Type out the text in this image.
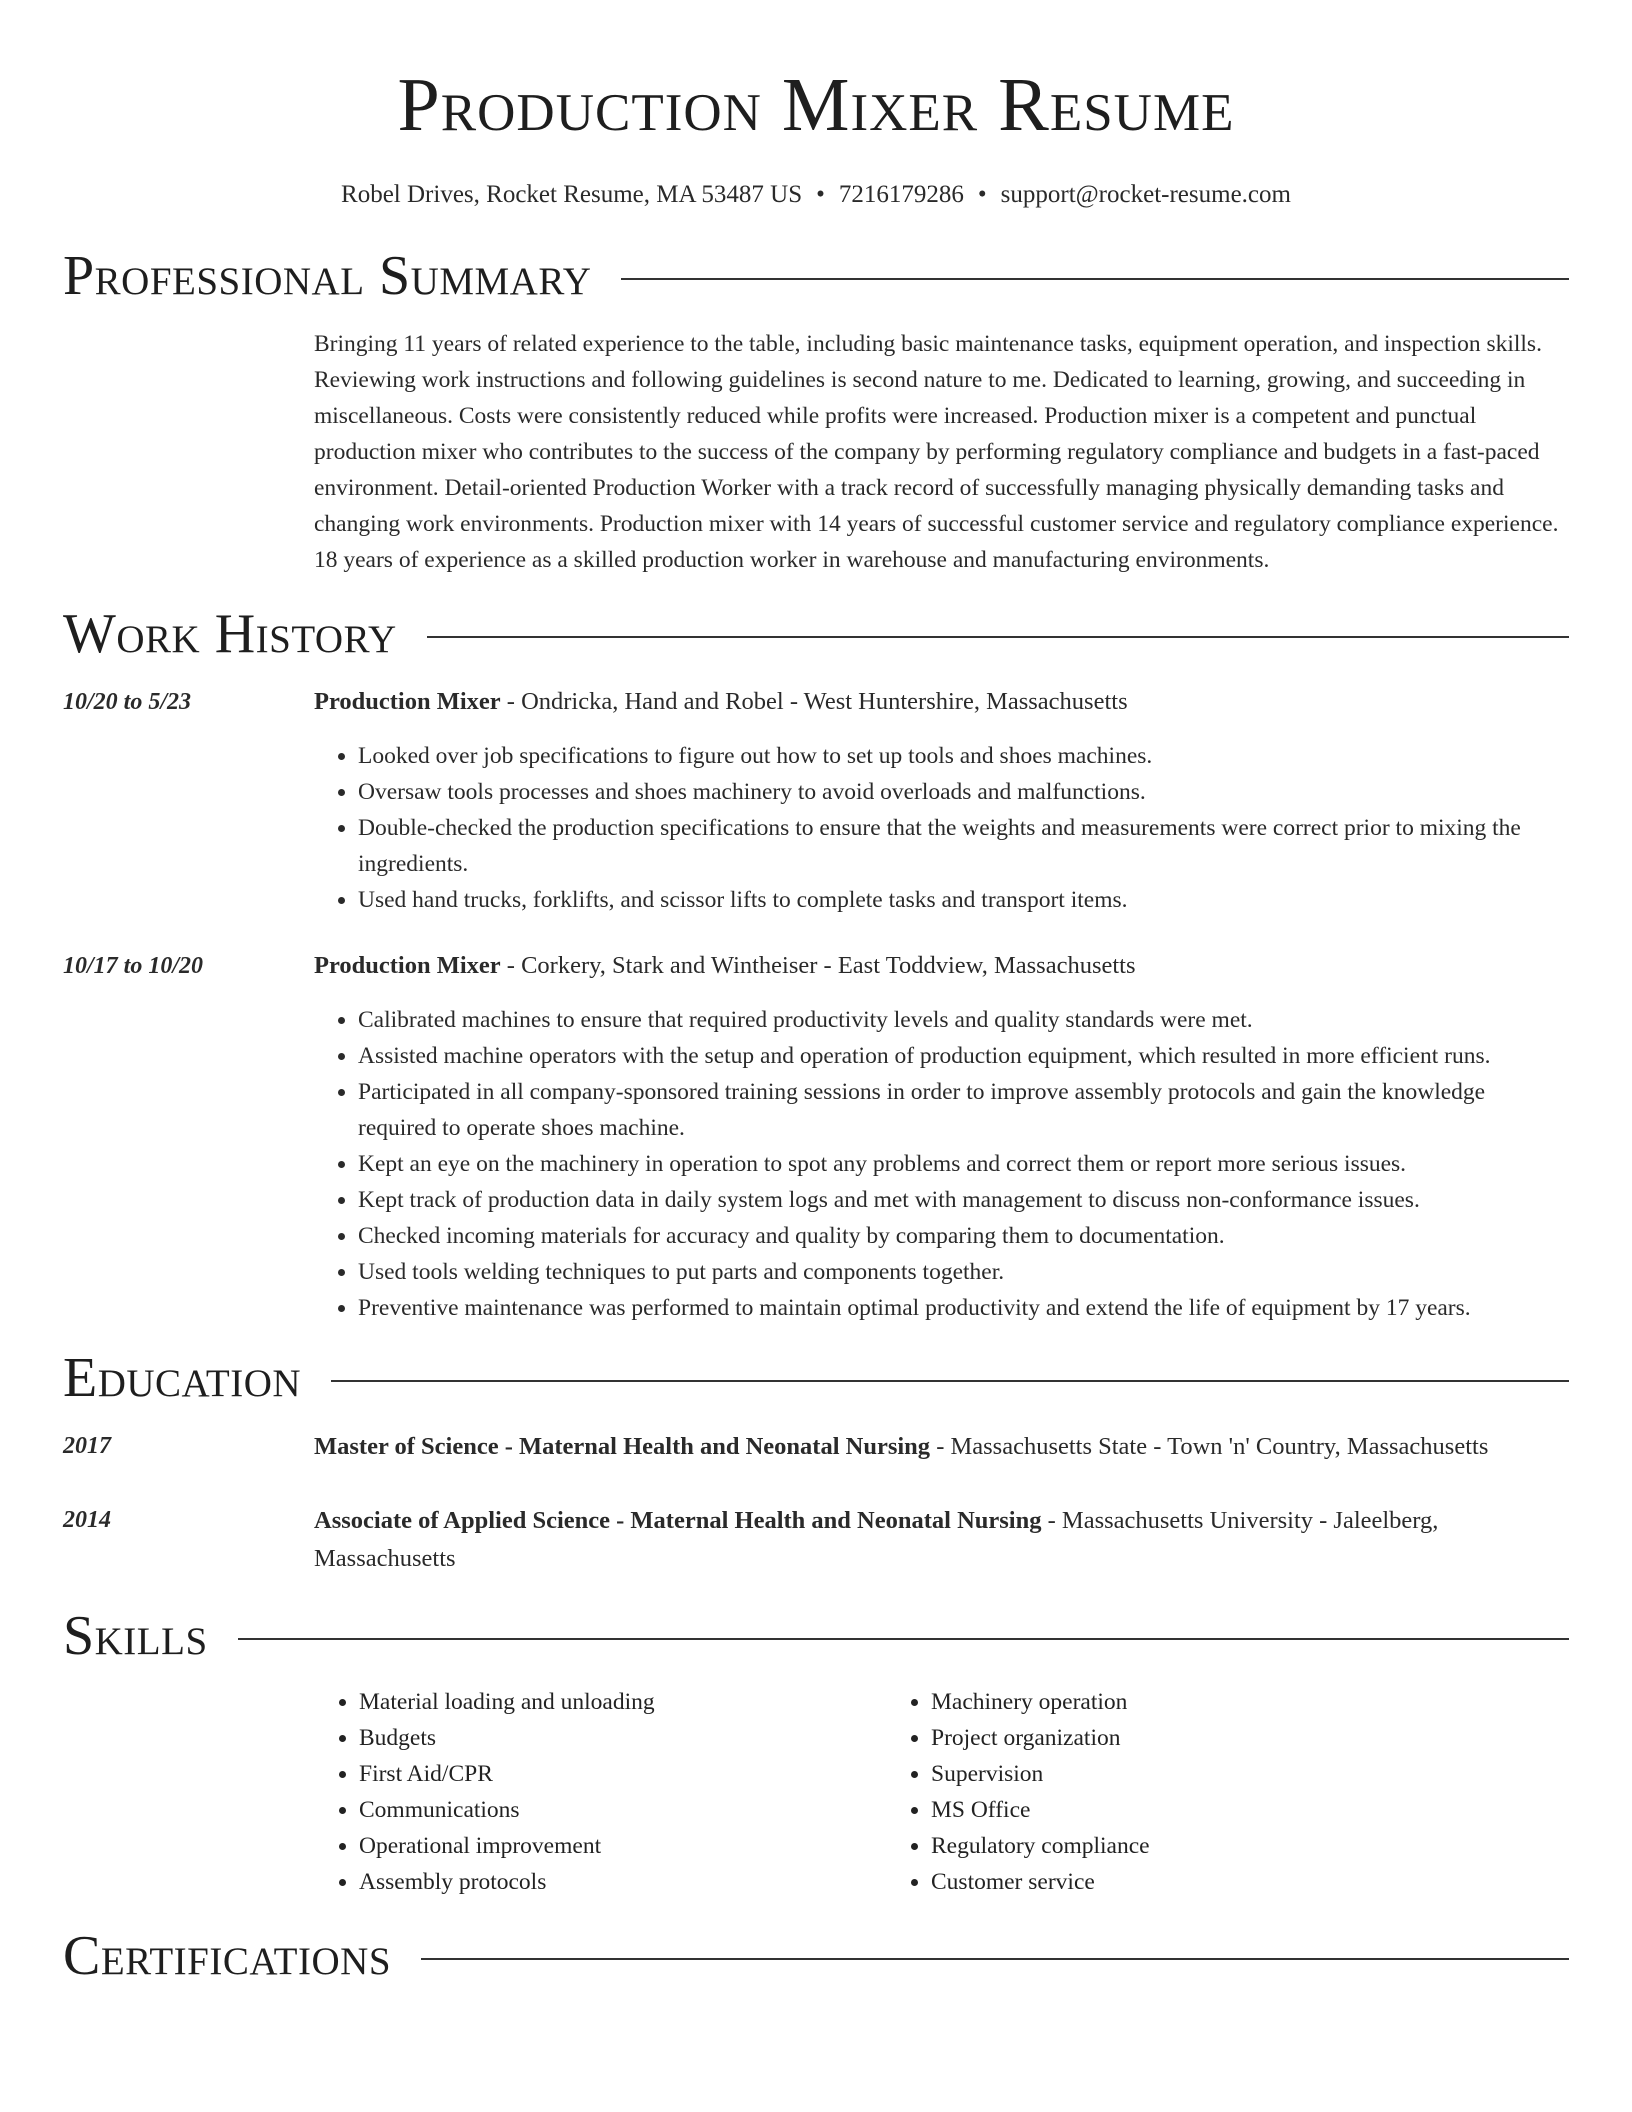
Production Mixer Resume
Robel Drives, Rocket Resume, MA 53487 US • 7216179286 • support@rocket-resume.com
Professional Summary

Bringing 11 years of related experience to the table, including basic maintenance tasks, equipment operation, and inspection skills. Reviewing work instructions and following guidelines is second nature to me. Dedicated to learning, growing, and succeeding in miscellaneous. Costs were consistently reduced while profits were increased. Production mixer is a competent and punctual production mixer who contributes to the success of the company by performing regulatory compliance and budgets in a fast-paced environment. Detail-oriented Production Worker with a track record of successfully managing physically demanding tasks and changing work environments. Production mixer with 14 years of successful customer service and regulatory compliance experience. 18 years of experience as a skilled production worker in warehouse and manufacturing environments.

Work History
10/20 to 5/23	Production Mixer - Ondricka, Hand and Robel - West Huntershire, Massachusetts
• Looked over job specifications to figure out how to set up tools and shoes machines.
• Oversaw tools processes and shoes machinery to avoid overloads and malfunctions.
• Double-checked the production specifications to ensure that the weights and measurements were correct prior to mixing the ingredients.
• Used hand trucks, forklifts, and scissor lifts to complete tasks and transport items.
10/17 to 10/20	Production Mixer - Corkery, Stark and Wintheiser - East Toddview, Massachusetts
• Calibrated machines to ensure that required productivity levels and quality standards were met.
• Assisted machine operators with the setup and operation of production equipment, which resulted in more efficient runs.
• Participated in all company-sponsored training sessions in order to improve assembly protocols and gain the knowledge required to operate shoes machine.
• Kept an eye on the machinery in operation to spot any problems and correct them or report more serious issues.
• Kept track of production data in daily system logs and met with management to discuss non-conformance issues.
• Checked incoming materials for accuracy and quality by comparing them to documentation.
• Used tools welding techniques to put parts and components together.
• Preventive maintenance was performed to maintain optimal productivity and extend the life of equipment by 17 years.
Education
2017	Master of Science - Maternal Health and Neonatal Nursing - Massachusetts State - Town 'n' Country, Massachusetts
2014	Associate of Applied Science - Maternal Health and Neonatal Nursing - Massachusetts University - Jaleelberg, Massachusetts
Skills
• Material loading and unloading
• Budgets
• First Aid/CPR
• Communications
• Operational improvement
• Assembly protocols
• Machinery operation
• Project organization
• Supervision
• MS Office
• Regulatory compliance
• Customer service
Certifications
